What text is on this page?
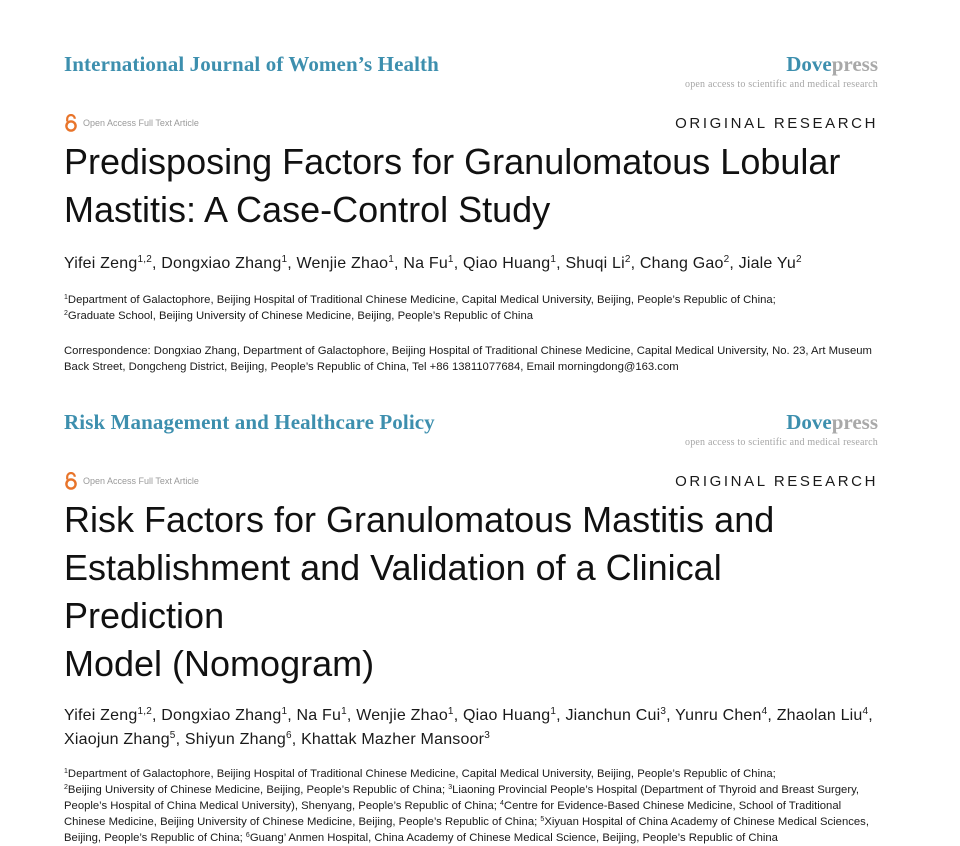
International Journal of Women’s Health	Dovepress
open access to scientific and medical research
Open Access Full Text Article	ORIGINAL RESEARCH
Predisposing Factors for Granulomatous Lobular
Mastitis: A Case-Control Study
Yifei Zeng$^{1,2}$, Dongxiao Zhang$^1$, Wenjie Zhao$^1$, Na Fu$^1$, Qiao Huang$^1$, Shuqi Li$^2$, Chang Gao$^2$, Jiale Yu$^2$
$^1$Department of Galactophore, Beijing Hospital of Traditional Chinese Medicine, Capital Medical University, Beijing, People’s Republic of China;
$^2$Graduate School, Beijing University of Chinese Medicine, Beijing, People’s Republic of China
Correspondence: Dongxiao Zhang, Department of Galactophore, Beijing Hospital of Traditional Chinese Medicine, Capital Medical University, No. 23, Art Museum Back Street, Dongcheng District, Beijing, People’s Republic of China, Tel +86 13811077684, Email morningdong@163.com
Risk Management and Healthcare Policy	Dovepress
open access to scientific and medical research
Open Access Full Text Article	ORIGINAL RESEARCH
Risk Factors for Granulomatous Mastitis and
Establishment and Validation of a Clinical Prediction
Model (Nomogram)
Yifei Zeng$^{1,2}$, Dongxiao Zhang$^1$, Na Fu$^1$, Wenjie Zhao$^1$, Qiao Huang$^1$, Jianchun Cui$^3$, Yunru Chen$^4$, Zhaolan Liu$^4$, Xiaojun Zhang$^5$, Shiyun Zhang$^6$, Khattak Mazher Mansoor$^3$
$^1$Department of Galactophore, Beijing Hospital of Traditional Chinese Medicine, Capital Medical University, Beijing, People’s Republic of China;
$^2$Beijing University of Chinese Medicine, Beijing, People’s Republic of China; $^3$Liaoning Provincial People’s Hospital (Department of Thyroid and Breast Surgery, People’s Hospital of China Medical University), Shenyang, People’s Republic of China; $^4$Centre for Evidence-Based Chinese Medicine, School of Traditional Chinese Medicine, Beijing University of Chinese Medicine, Beijing, People’s Republic of China; $^5$Xiyuan Hospital of China Academy of Chinese Medical Sciences, Beijing, People’s Republic of China; $^6$Guang’ Anmen Hospital, China Academy of Chinese Medical Science, Beijing, People’s Republic of China
